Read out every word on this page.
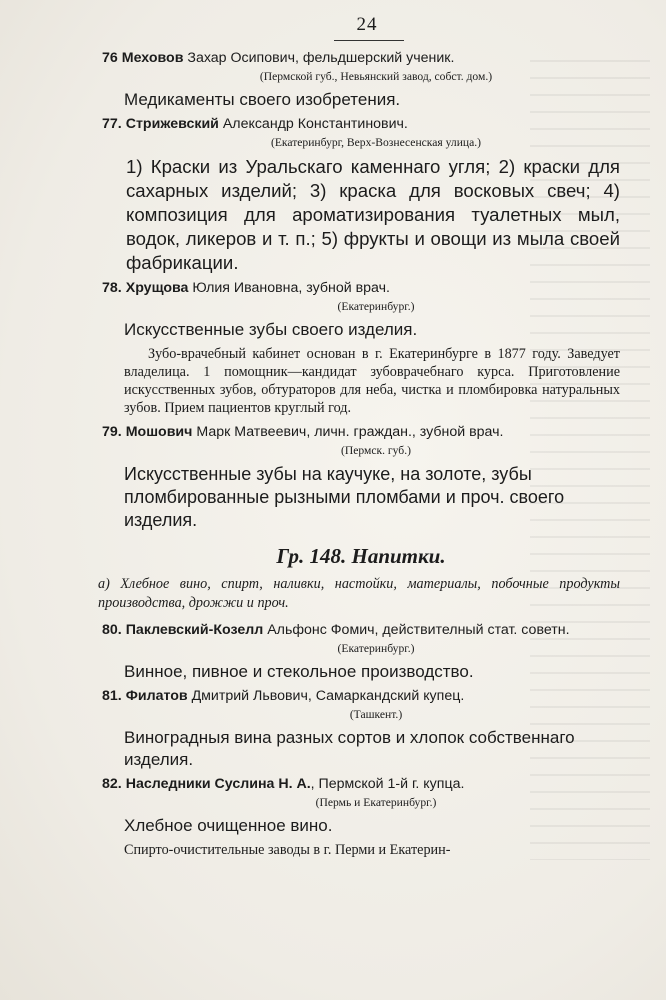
24
76 Меховов Захар Осипович, фельдшерский ученик.
(Пермской губ., Невьянский завод, собст. дом.)
Медикаменты своего изобретения.
77. Стрижевский Александр Константинович.
(Екатеринбург, Верх-Вознесенская улица.)
1) Краски из Уральскаго каменнаго угля; 2) краски для сахарных изделий; 3) краска для восковых свеч; 4) композиция для ароматизирования туалетных мыл, водок, ликеров и т. п.; 5) фрукты и овощи из мыла своей фабрикации.
78. Хрущова Юлия Ивановна, зубной врач.
(Екатеринбург.)
Искусственные зубы своего изделия.
Зубо-врачебный кабинет основан в г. Екатеринбурге в 1877 году. Заведует владелица. 1 помощник—кандидат зубоврачебнаго курса. Приготовление искусственных зубов, обтураторов для неба, чистка и пломбировка натуральных зубов. Прием пациентов круглый год.
79. Мошович Марк Матвеевич, личн. граждан., зубной врач.
(Пермск. губ.)
Искусственные зубы на каучуке, на золоте, зубы пломбированные рызными пломбами и проч. своего изделия.
Гр. 148. Напитки.
а) Хлебное вино, спирт, наливки, настойки, материалы, побочные продукты производства, дрожжи и проч.
80. Паклевский-Козелл Альфонс Фомич, действителный стат. советн.
(Екатеринбург.)
Винное, пивное и стекольное производство.
81. Филатов Дмитрий Львович, Самаркандский купец.
(Ташкент.)
Виноградныя вина разных сортов и хлопок собственнаго изделия.
82. Наследники Суслина Н. А., Пермской 1-й г. купца.
(Пермь и Екатеринбург.)
Хлебное очищенное вино.
Спирто-очистительные заводы в г. Перми и Екатерин-
